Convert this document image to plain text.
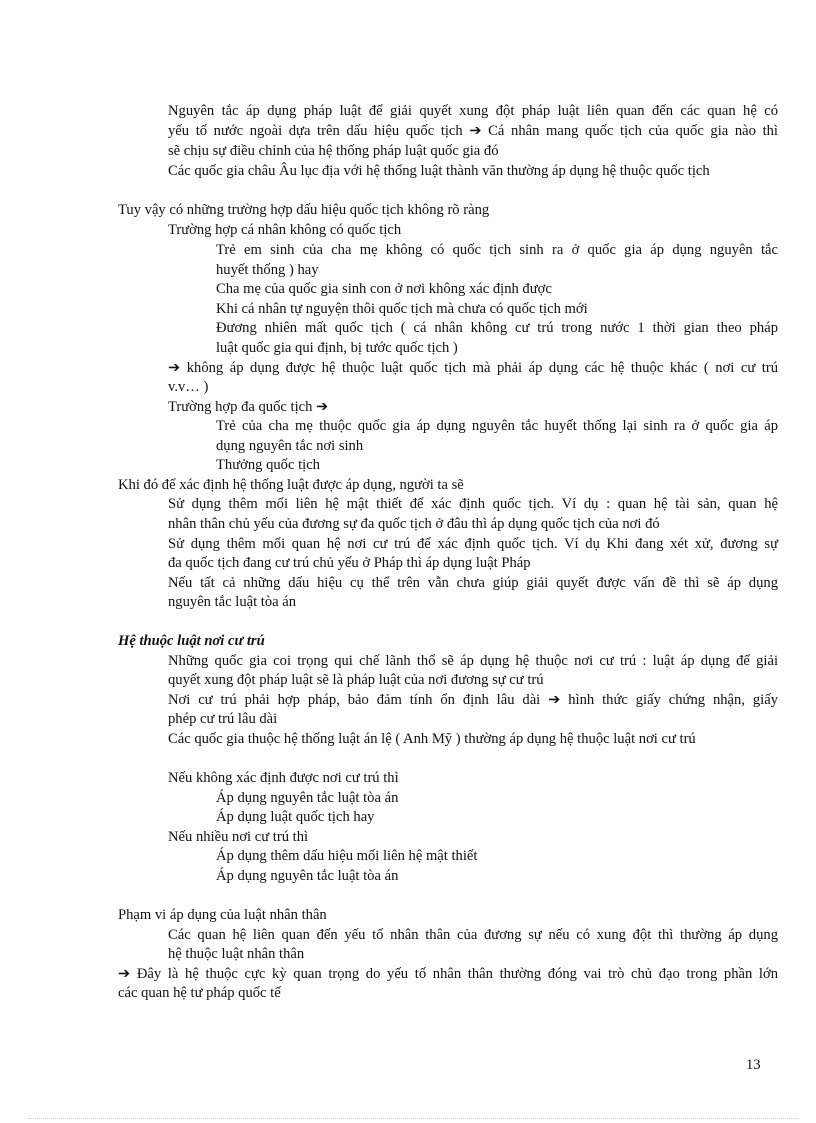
Nguyên tắc áp dụng pháp luật để giải quyết xung đột pháp luật liên quan đến các quan hệ có
yếu tố nước ngoài dựa trên dấu hiệu quốc tịch ➔ Cá nhân mang quốc tịch của quốc gia nào thì
sẽ chịu sự điều chỉnh của hệ thống pháp luật quốc gia đó
Các quốc gia châu Âu lục địa với hệ thống luật thành văn thường áp dụng hệ thuộc quốc tịch
Tuy vậy có những trường hợp dấu hiệu quốc tịch không rõ ràng
Trường hợp cá nhân không có quốc tịch
Trẻ em sinh của cha mẹ không có quốc tịch sinh ra ở quốc gia áp dụng nguyên tắc
huyết thống ) hay
Cha mẹ của quốc gia sinh con ở nơi không xác định được
Khi cá nhân tự nguyện thôi quốc tịch mà chưa có quốc tịch mới
Đương nhiên mất quốc tịch ( cá nhân không cư trú trong nước 1 thời gian theo pháp
luật quốc gia qui định, bị tước quốc tịch )
➔ không áp dụng được hệ thuộc luật quốc tịch mà phải áp dụng các hệ thuộc khác ( nơi cư trú
v.v… )
Trường hợp đa quốc tịch ➔
Trẻ của cha mẹ thuộc quốc gia áp dụng nguyên tắc huyết thống lại sinh ra ở quốc gia áp
dụng nguyên tắc nơi sinh
Thưởng quốc tịch
Khi đó để xác định hệ thống luật được áp dụng, người ta sẽ
Sử dụng thêm mối liên hệ mật thiết để xác định quốc tịch. Ví dụ : quan hệ tài sản, quan hệ
nhân thân chủ yếu của đương sự đa quốc tịch ở đâu thì áp dụng quốc tịch của nơi đó
Sử dụng thêm mối quan hệ nơi cư trú để xác định quốc tịch. Ví dụ Khi đang xét xử, đương sự
đa quốc tịch đang cư trú chủ yếu ở Pháp thì áp dụng luật Pháp
Nếu tất cả những dấu hiệu cụ thể trên vẫn chưa giúp giải quyết được vấn đề thì sẽ áp dụng
nguyên tắc luật tòa án
Hệ thuộc luật nơi cư trú
Những quốc gia coi trọng qui chế lãnh thổ sẽ áp dụng hệ thuộc nơi cư trú : luật áp dụng để giải
quyết xung đột pháp luật sẽ là pháp luật của nơi đương sự cư trú
Nơi cư trú phải hợp pháp, bảo đảm tính ổn định lâu dài ➔ hình thức giấy chứng nhận, giấy
phép cư trú lâu dài
Các quốc gia thuộc hệ thống luật án lệ ( Anh Mỹ ) thường áp dụng hệ thuộc luật nơi cư trú
Nếu không xác định được nơi cư trú thì
Áp dụng nguyên tắc luật tòa án
Áp dụng luật quốc tịch hay
Nếu nhiều nơi cư trú thì
Áp dụng thêm dấu hiệu mối liên hệ mật thiết
Áp dụng nguyên tắc luật tòa án
Phạm vi áp dụng của luật nhân thân
Các quan hệ liên quan đến yếu tố nhân thân của đương sự nếu có xung đột thì thường áp dụng
hệ thuộc luật nhân thân
➔ Đây là hệ thuộc cực kỳ quan trọng do yếu tố nhân thân thường đóng vai trò chủ đạo trong phần lớn
các quan hệ tư pháp quốc tế
13
